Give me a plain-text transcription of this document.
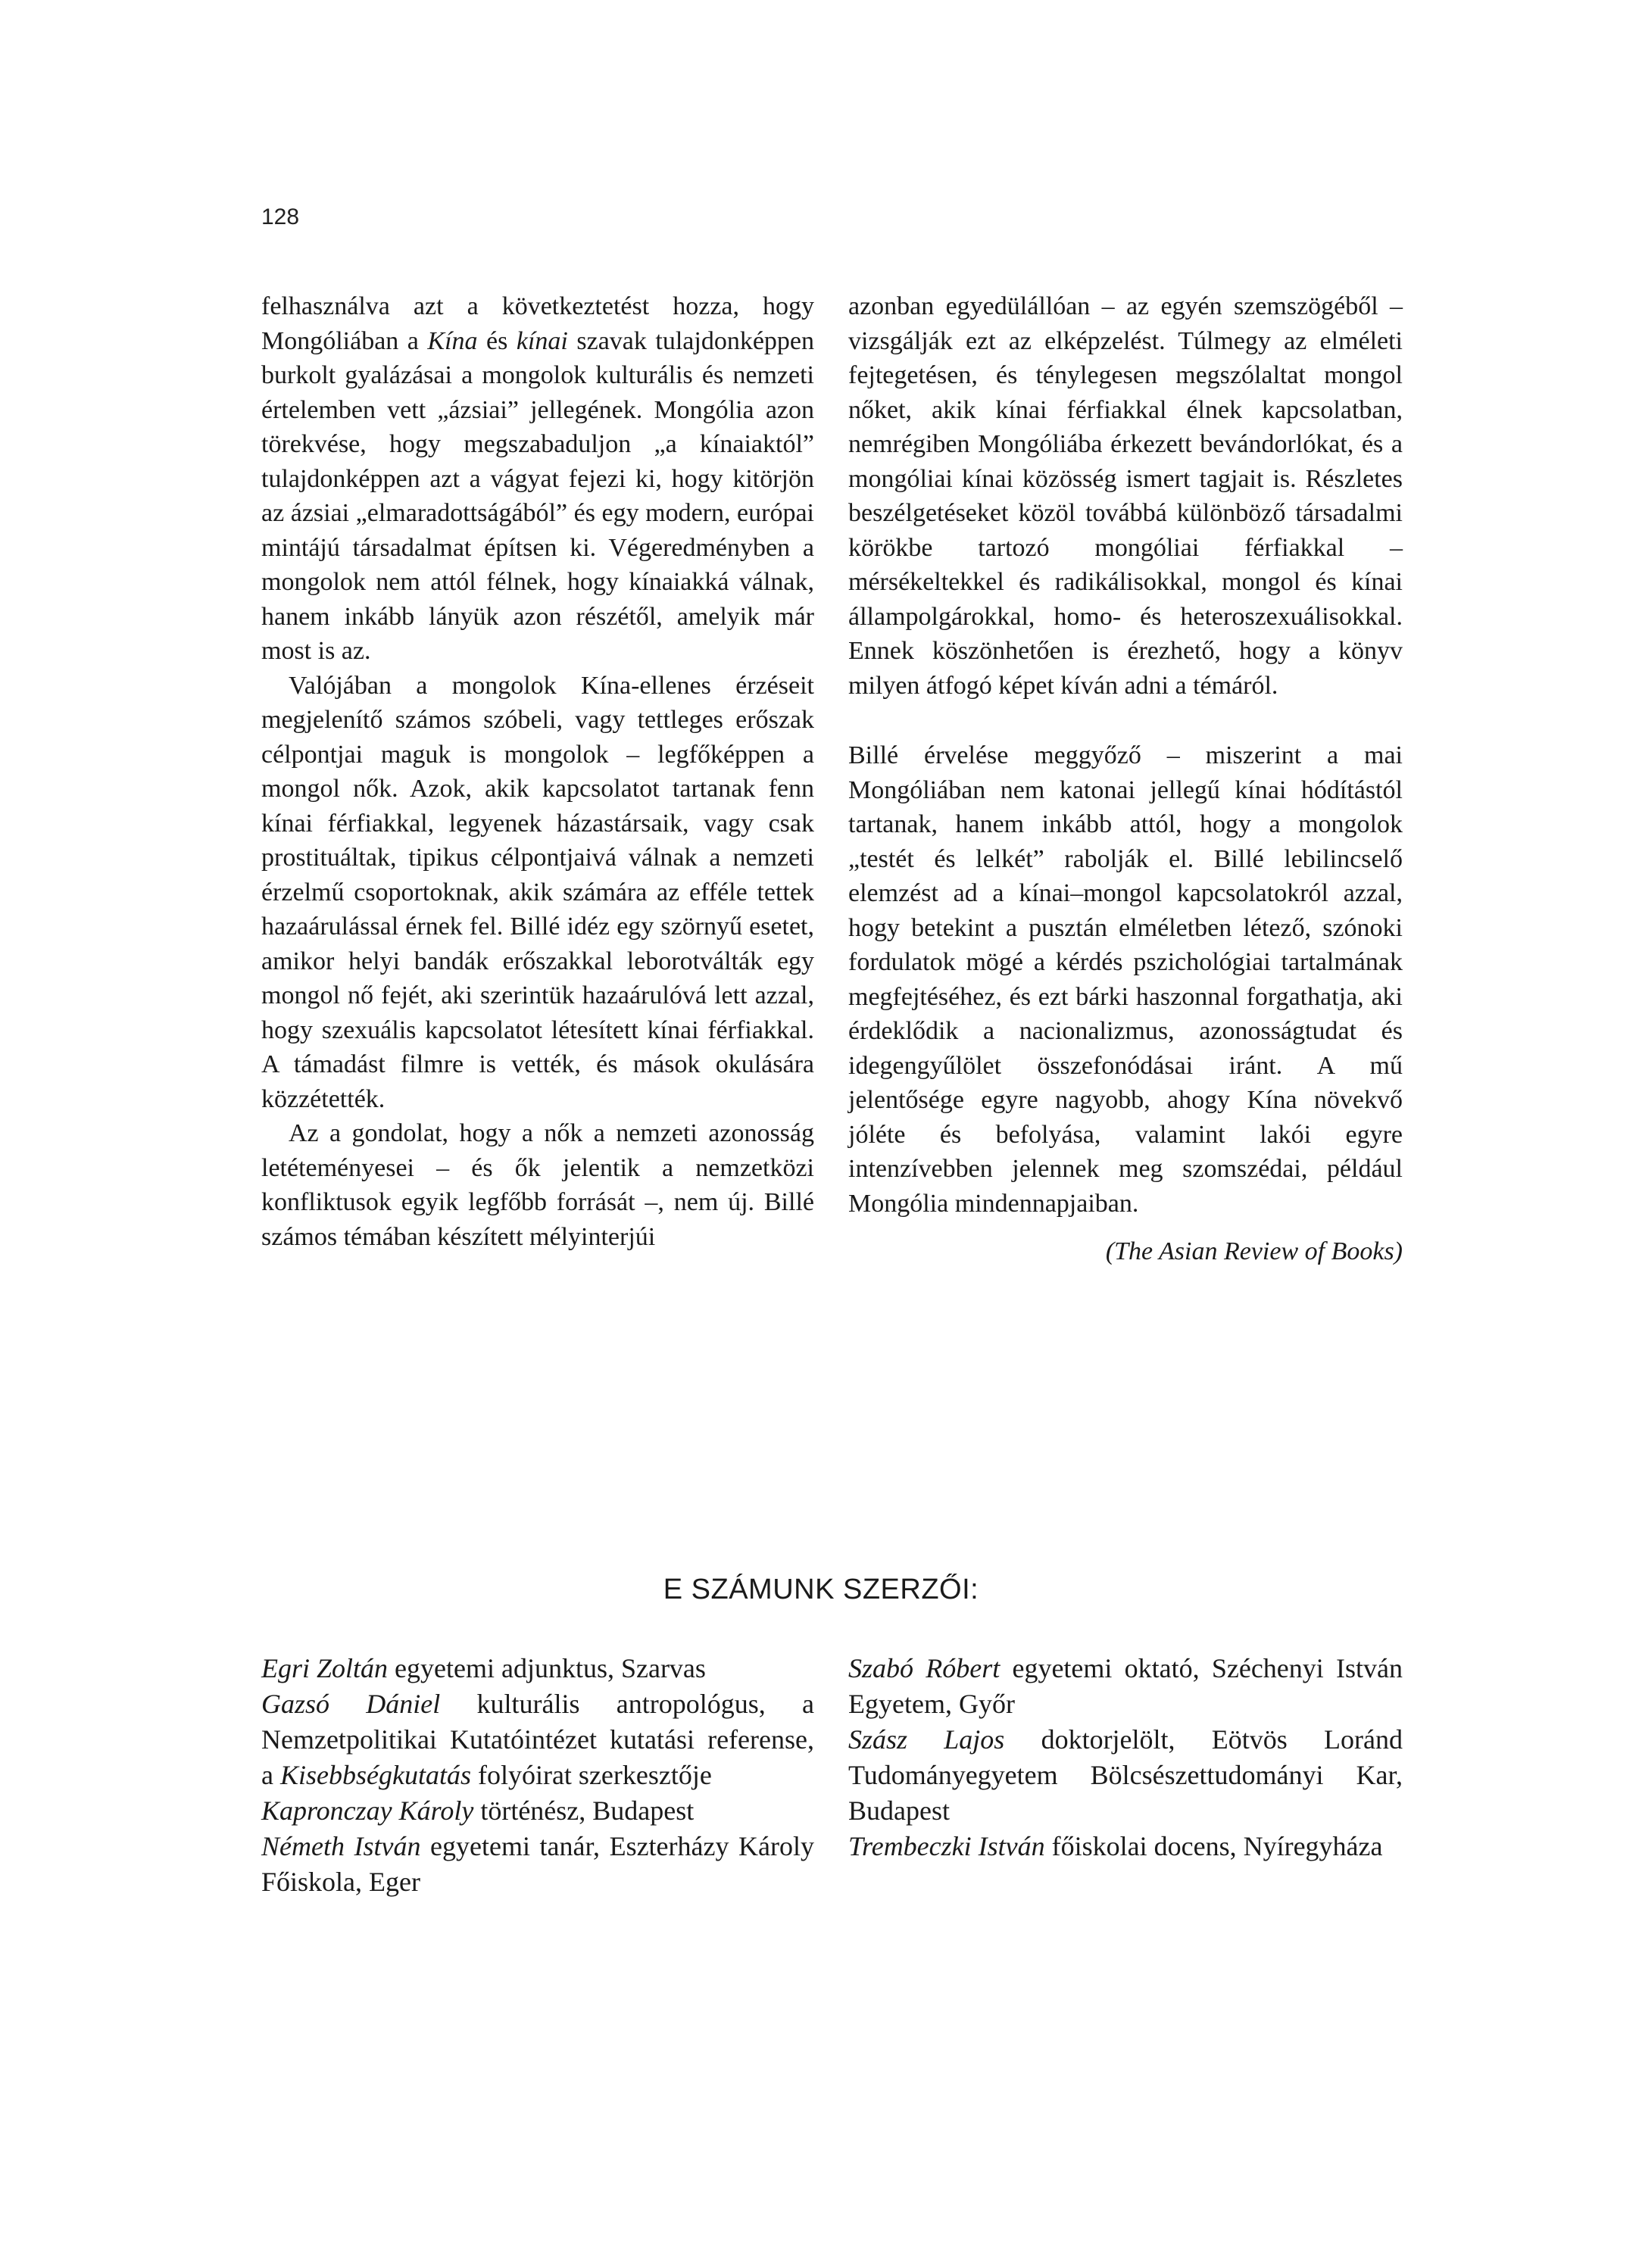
128

felhasználva azt a következtetést hozza, hogy Mongóliában a Kína és kínai szavak tulajdonképpen burkolt gyalázásai a mongolok kulturális és nemzeti értelemben vett „ázsiai” jellegének. Mongólia azon törekvése, hogy megszabaduljon „a kínaiaktól” tulajdonképpen azt a vágyat fejezi ki, hogy kitörjön az ázsiai „elmaradottságából” és egy modern, európai mintájú társadalmat építsen ki. Végeredményben a mongolok nem attól félnek, hogy kínaiakká válnak, hanem inkább lányük azon részétől, amelyik már most is az.

Valójában a mongolok Kína-ellenes érzéseit megjelenítő számos szóbeli, vagy tettleges erőszak célpontjai maguk is mongolok – legfőképpen a mongol nők. Azok, akik kapcsolatot tartanak fenn kínai férfiakkal, legyenek házastársaik, vagy csak prostituáltak, tipikus célpontjaivá válnak a nemzeti érzelmű csoportoknak, akik számára az efféle tettek hazaárulással érnek fel. Billé idéz egy szörnyű esetet, amikor helyi bandák erőszakkal leborotválták egy mongol nő fejét, aki szerintük hazaárulóvá lett azzal, hogy szexuális kapcsolatot létesített kínai férfiakkal. A támadást filmre is vették, és mások okulására közzétették.

Az a gondolat, hogy a nők a nemzeti azonosság letéteményesei – és ők jelentik a nemzetközi konfliktusok egyik legfőbb forrását –, nem új. Billé számos témában készített mélyinterjúi

azonban egyedülállóan – az egyén szemszögéből – vizsgálják ezt az elképzelést. Túlmegy az elméleti fejtegetésen, és ténylegesen megszólaltat mongol nőket, akik kínai férfiakkal élnek kapcsolatban, nemrégiben Mongóliába érkezett bevándorlókat, és a mongóliai kínai közösség ismert tagjait is. Részletes beszélgetéseket közöl továbbá különböző társadalmi körökbe tartozó mongóliai férfiakkal – mérsékeltekkel és radikálisokkal, mongol és kínai állampolgárokkal, homo- és heteroszexuálisokkal. Ennek köszönhetően is érezhető, hogy a könyv milyen átfogó képet kíván adni a témáról.

Billé érvelése meggyőző – miszerint a mai Mongóliában nem katonai jellegű kínai hódítástól tartanak, hanem inkább attól, hogy a mongolok „testét és lelkét” rabolják el. Billé lebilincselő elemzést ad a kínai–mongol kapcsolatokról azzal, hogy betekint a pusztán elméletben létező, szónoki fordulatok mögé a kérdés pszichológiai tartalmának megfejtéséhez, és ezt bárki haszonnal forgathatja, aki érdeklődik a nacionalizmus, azonosságtudat és idegengyűlölet összefonódásai iránt. A mű jelentősége egyre nagyobb, ahogy Kína növekvő jóléte és befolyása, valamint lakói egyre intenzívebben jelennek meg szomszédai, például Mongólia mindennapjaiban.

(The Asian Review of Books)

E SZÁMUNK SZERZŐI:

Egri Zoltán egyetemi adjunktus, Szarvas

Gazsó Dániel kulturális antropológus, a Nemzetpolitikai Kutatóintézet kutatási referense, a Kisebbségkutatás folyóirat szerkesztője

Kapronczay Károly történész, Budapest

Németh István egyetemi tanár, Eszterházy Károly Főiskola, Eger

Szabó Róbert egyetemi oktató, Széchenyi István Egyetem, Győr

Szász Lajos doktorjelölt, Eötvös Loránd Tudományegyetem Bölcsészettudományi Kar, Budapest

Trembeczki István főiskolai docens, Nyíregyháza
